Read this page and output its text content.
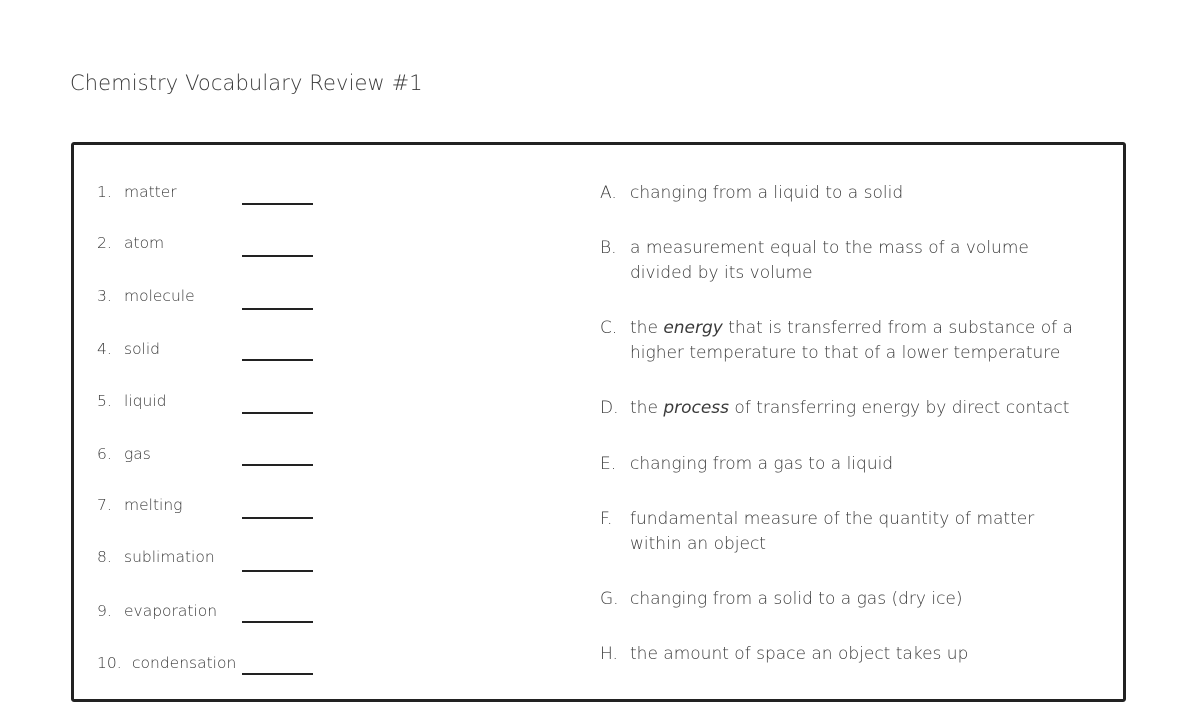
Chemistry Vocabulary Review #1
1. matter
2. atom
3. molecule
4. solid
5. liquid
6. gas
7. melting
8. sublimation
9. evaporation
10. condensation
A. changing from a liquid to a solid
B. a measurement equal to the mass of a volume
divided by its volume
C. the energy that is transferred from a substance of a
higher temperature to that of a lower temperature
D. the process of transferring energy by direct contact
E. changing from a gas to a liquid
F. fundamental measure of the quantity of matter
within an object
G. changing from a solid to a gas (dry ice)
H. the amount of space an object takes up
